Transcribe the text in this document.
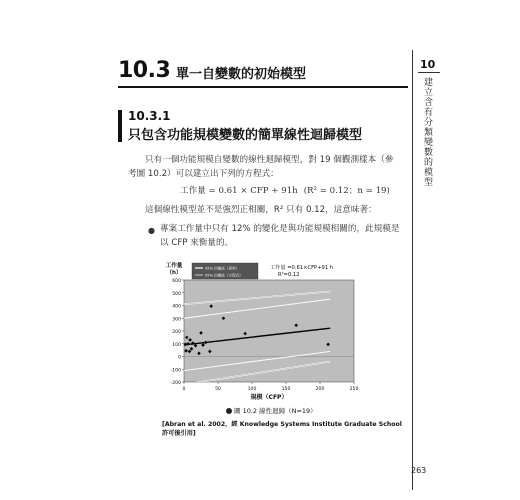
10.3 單一自變數的初始模型
10
建立含有分類變數的模型
10.3.1
只包含功能規模變數的簡單線性迴歸模型
只有一個功能規模自變數的線性迴歸模型，對 19 個觀測樣本（參考圖 10.2）可以建立出下列的方程式：
工作量 = 0.61 × CFP + 91h (R² = 0.12；n = 19)
這個線性模型並不是強烈正相關，R² 只有 0.12，這意味著：
● 專案工作量中只有 12% 的變化是與功能規模相關的，此規模是以 CFP 來衡量的。
-200
-100
0
100
200
300
400
500
600
0	50	100	150	200	250
95% 信賴區（資料）
95% 信賴區（方程式）
工作量 =0.61×CFP+91 h
R²=0.12
工作量
（h）
規模（CFP）
圖 10.2 線性迴歸（N=19）
[Abran et al. 2002，經 Knowledge Systems Institute Graduate School 許可後引用]
263
